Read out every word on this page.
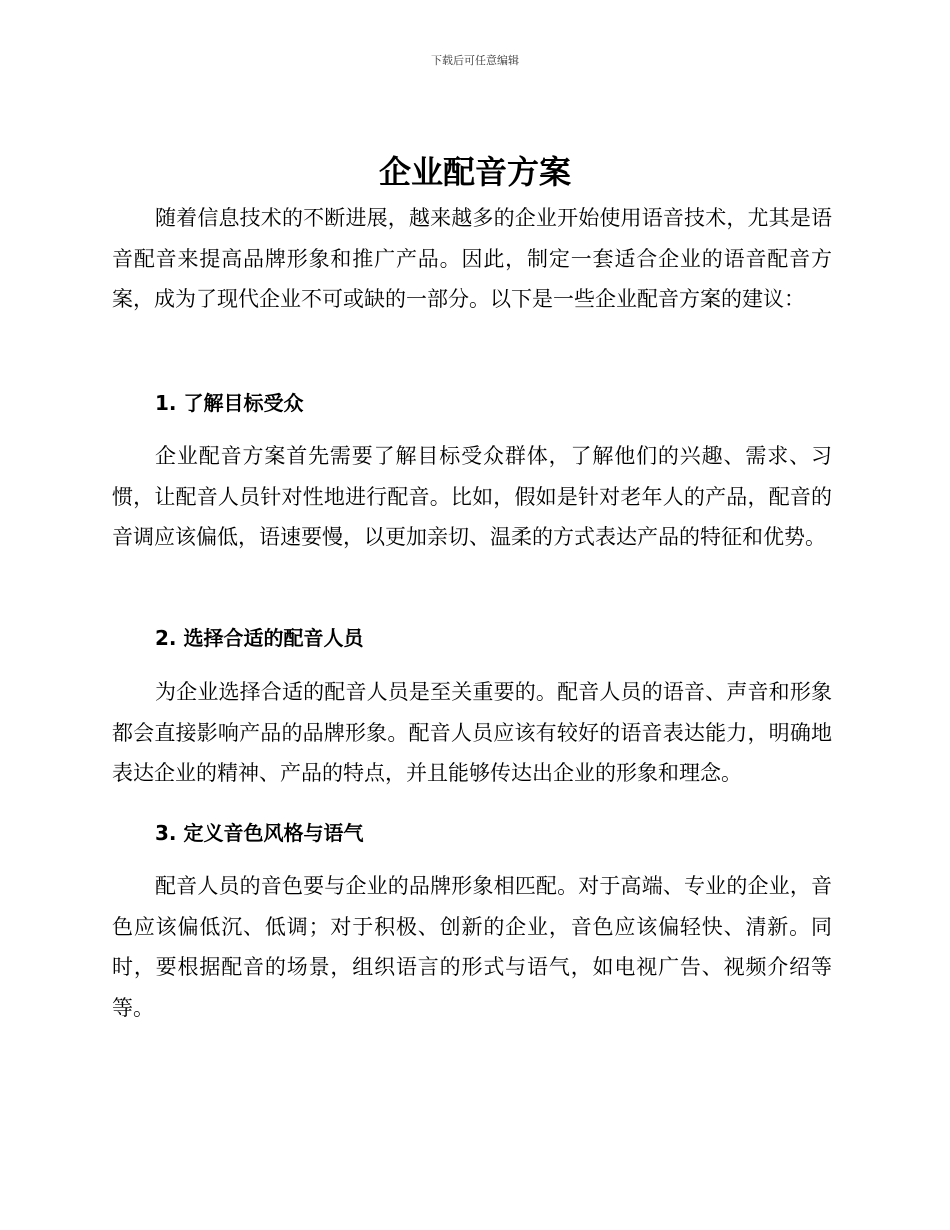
下载后可任意编辑
企业配音方案

随着信息技术的不断进展，越来越多的企业开始使用语音技术，尤其是语音配音来提高品牌形象和推广产品。因此，制定一套适合企业的语音配音方案，成为了现代企业不可或缺的一部分。以下是一些企业配音方案的建议：

1. 了解目标受众

企业配音方案首先需要了解目标受众群体，了解他们的兴趣、需求、习惯，让配音人员针对性地进行配音。比如，假如是针对老年人的产品，配音的音调应该偏低，语速要慢，以更加亲切、温柔的方式表达产品的特征和优势。

2. 选择合适的配音人员

为企业选择合适的配音人员是至关重要的。配音人员的语音、声音和形象都会直接影响产品的品牌形象。配音人员应该有较好的语音表达能力，明确地表达企业的精神、产品的特点，并且能够传达出企业的形象和理念。

3. 定义音色风格与语气

配音人员的音色要与企业的品牌形象相匹配。对于高端、专业的企业，音色应该偏低沉、低调；对于积极、创新的企业，音色应该偏轻快、清新。同时，要根据配音的场景，组织语言的形式与语气，如电视广告、视频介绍等等。
